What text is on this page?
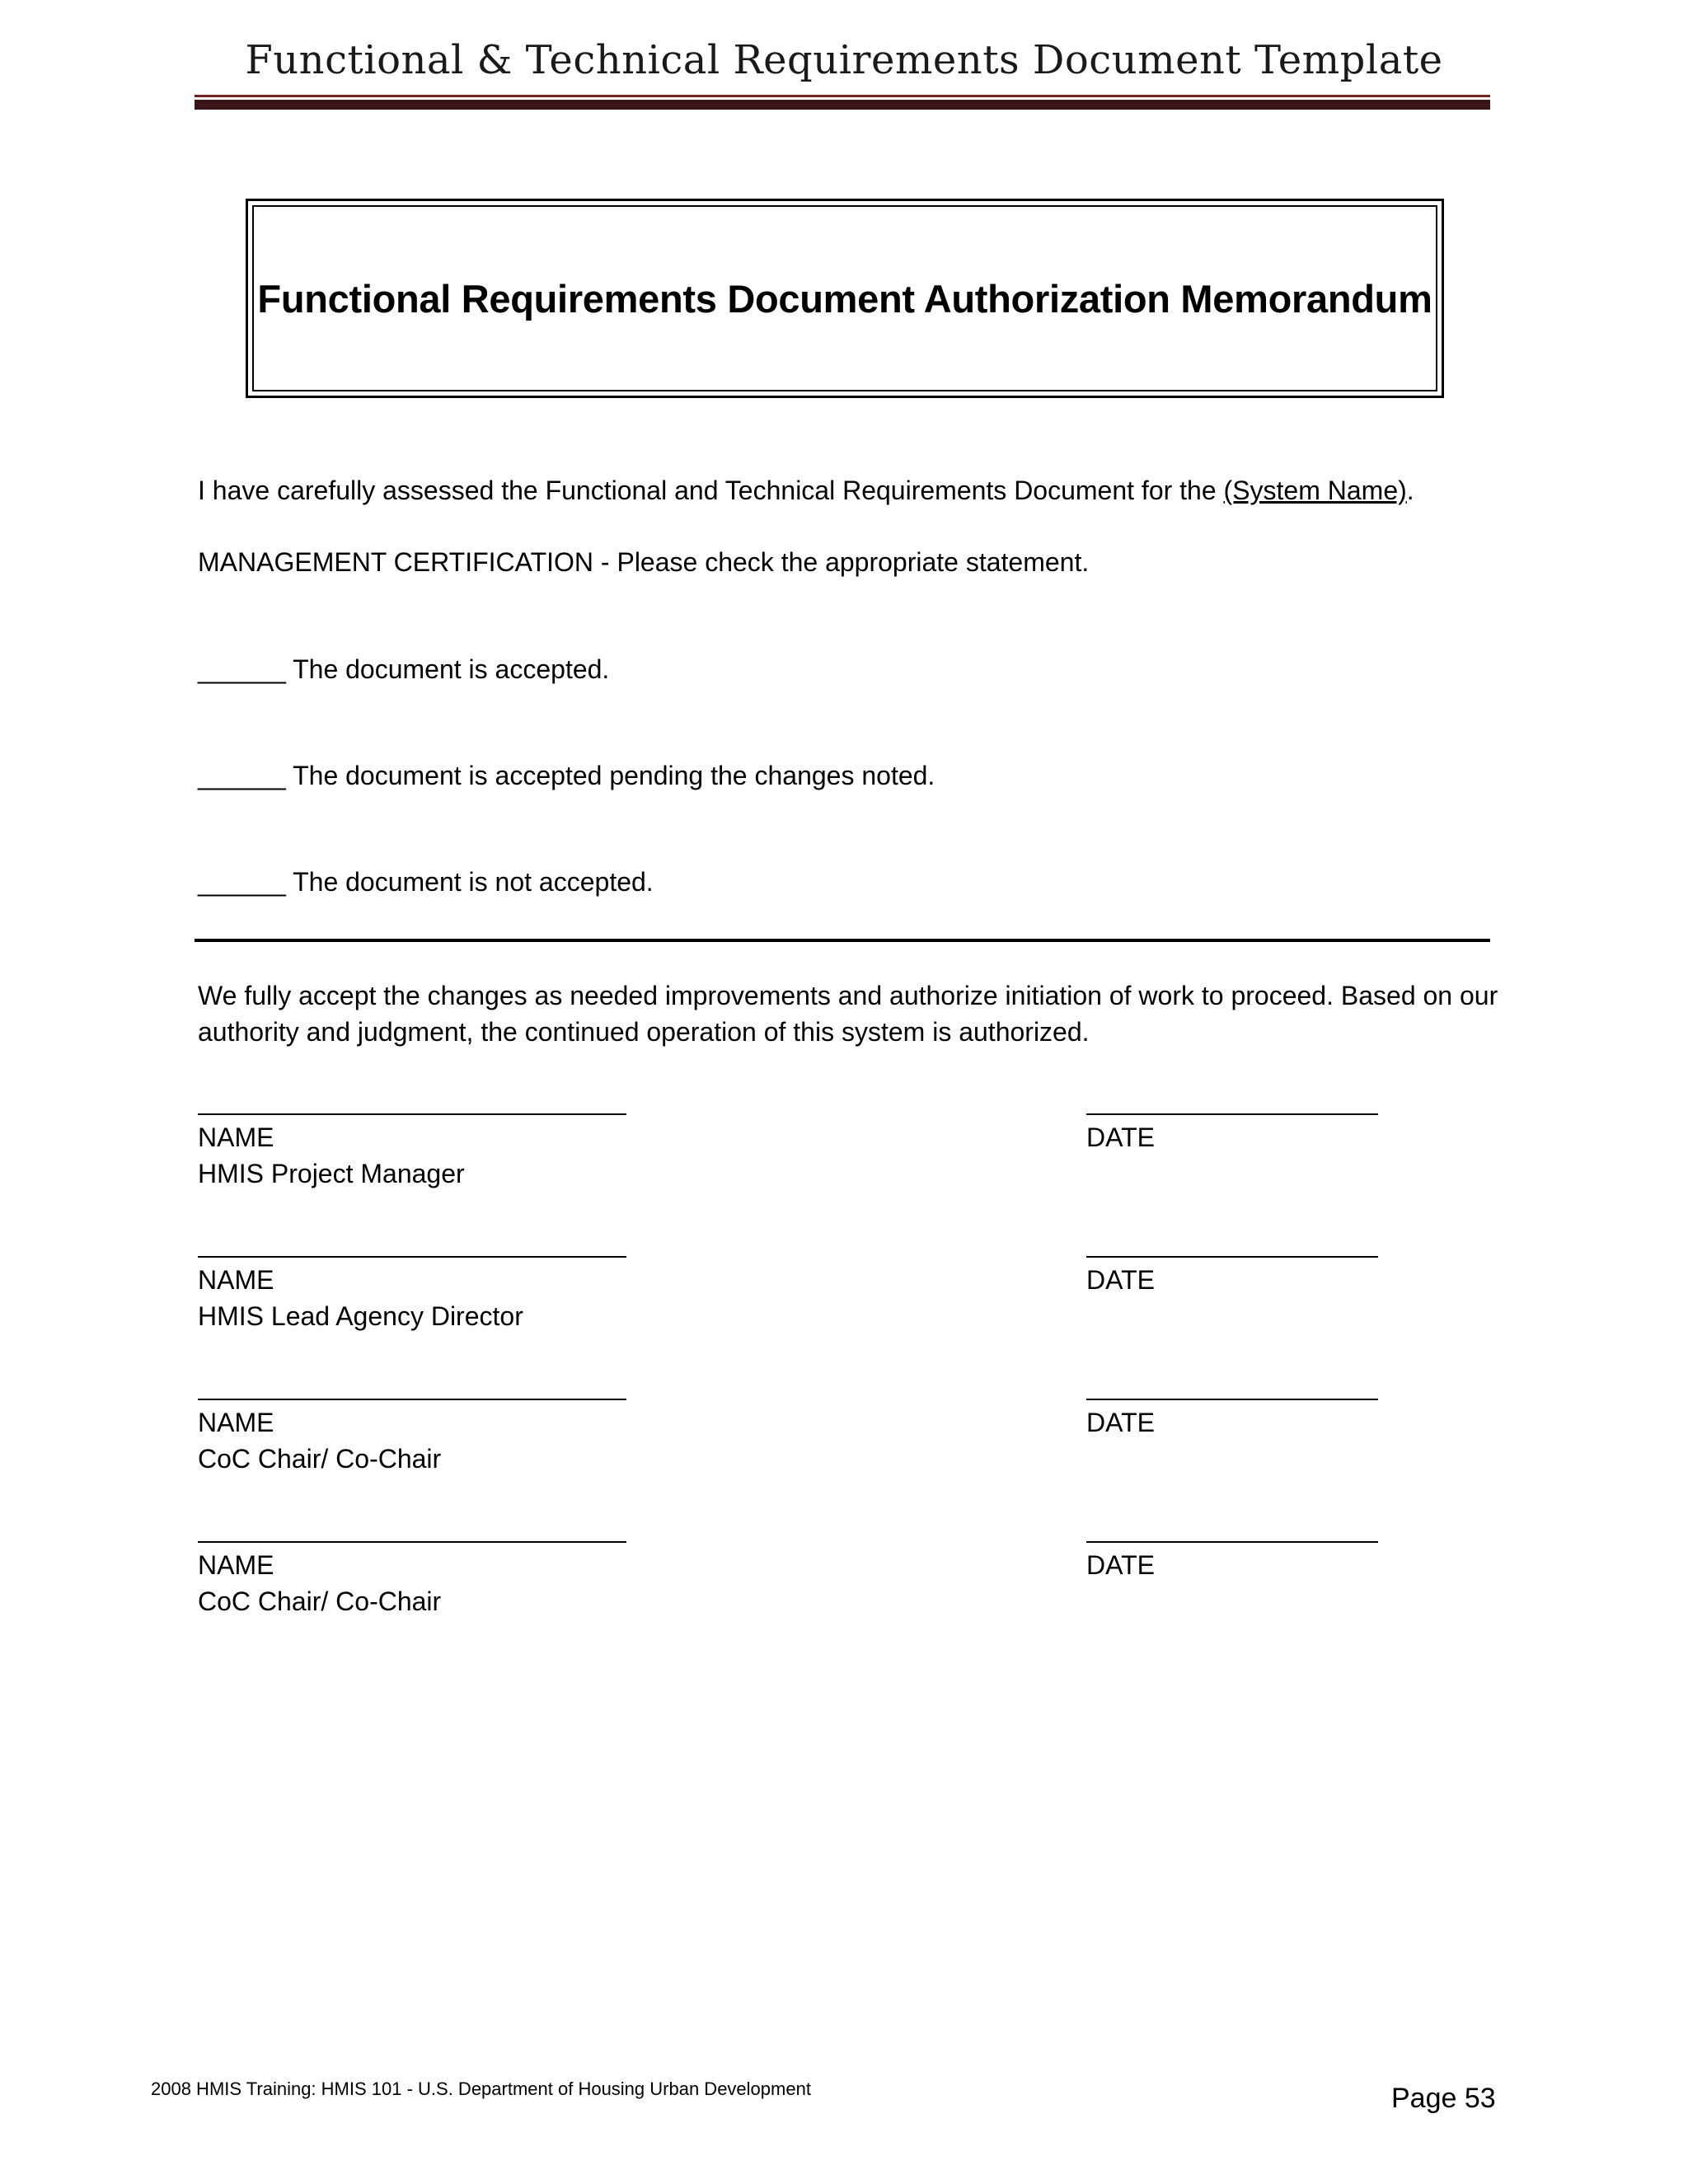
Functional & Technical Requirements Document Template
Functional Requirements Document Authorization Memorandum
I have carefully assessed the Functional and Technical Requirements Document for the (System Name).
MANAGEMENT CERTIFICATION - Please check the appropriate statement.
______ The document is accepted.
______ The document is accepted pending the changes noted.
______ The document is not accepted.
We fully accept the changes as needed improvements and authorize initiation of work to proceed. Based on our
authority and judgment, the continued operation of this system is authorized.
NAME
HMIS Project Manager
DATE
NAME
HMIS Lead Agency Director
DATE
NAME
CoC Chair/ Co-Chair
DATE
NAME
CoC Chair/ Co-Chair
DATE
2008 HMIS Training: HMIS 101 - U.S. Department of Housing Urban Development	Page 53
